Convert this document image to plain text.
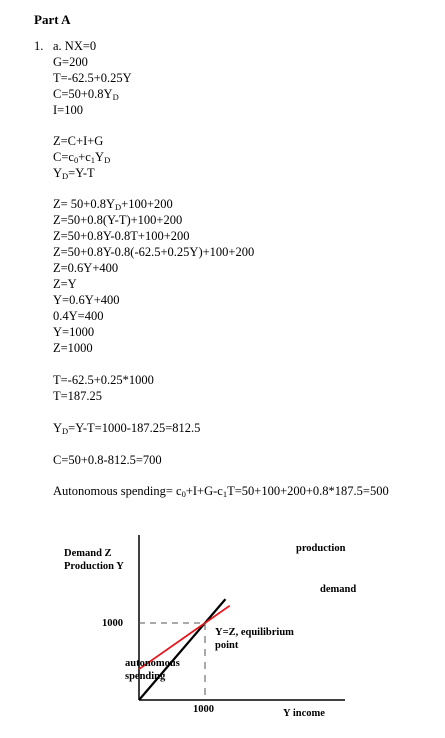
Part A
1. a. NX=0
G=200
T=-62.5+0.25Y
$C=50+0.8Y_D$
I=100
Z=C+I+G
$C=c_0+c_1Y_D$
$Y_D=Y-T$
$Z= 50+0.8Y_D+100+200$
Z=50+0.8(Y-T)+100+200
Z=50+0.8Y-0.8T+100+200
Z=50+0.8Y-0.8(-62.5+0.25Y)+100+200
Z=0.6Y+400
Z=Y
Y=0.6Y+400
0.4Y=400
Y=1000
Z=1000
T=-62.5+0.25*1000
T=187.25
$Y_D=Y-T=1000-187.25=812.5$
C=50+0.8-812.5=700
Autonomous spending= $c_0+I+G-c_1T=50+100+200+0.8*187.5=500$
Demand Z
Production Y
1000
1000	Y income
production
demand
Y=Z, equilibrium
point
autonomous
spending
